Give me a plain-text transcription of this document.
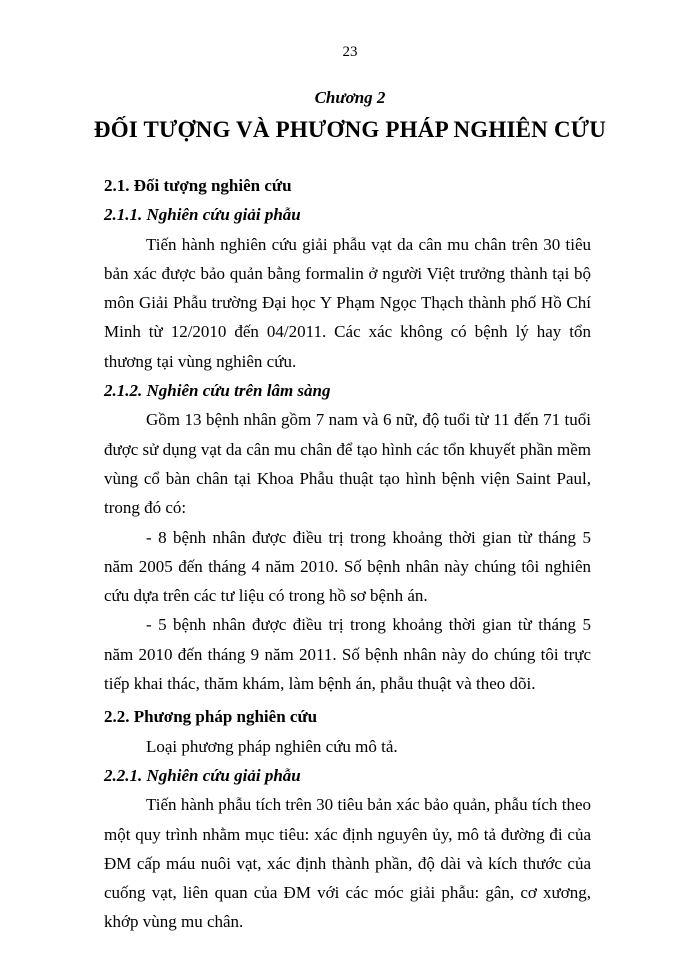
23
Chương 2
ĐỐI TƯỢNG VÀ PHƯƠNG PHÁP NGHIÊN CỨU

2.1. Đối tượng nghiên cứu

2.1.1. Nghiên cứu giải phẫu

Tiến hành nghiên cứu giải phẫu vạt da cân mu chân trên 30 tiêu bản xác được bảo quản bằng formalin ở người Việt trưởng thành tại bộ môn Giải Phẫu trường Đại học Y Phạm Ngọc Thạch thành phố Hồ Chí Minh từ 12/2010 đến 04/2011. Các xác không có bệnh lý hay tổn thương tại vùng nghiên cứu.

2.1.2. Nghiên cứu trên lâm sàng

Gồm 13 bệnh nhân gồm 7 nam và 6 nữ, độ tuổi từ 11 đến 71 tuổi được sử dụng vạt da cân mu chân để tạo hình các tổn khuyết phần mềm vùng cổ bàn chân tại Khoa Phẫu thuật tạo hình bệnh viện Saint Paul, trong đó có:

- 8 bệnh nhân được điều trị trong khoảng thời gian từ tháng 5 năm 2005 đến tháng 4 năm 2010. Số bệnh nhân này chúng tôi nghiên cứu dựa trên các tư liệu có trong hồ sơ bệnh án.

- 5 bệnh nhân được điều trị trong khoảng thời gian từ tháng 5 năm 2010 đến tháng 9 năm 2011. Số bệnh nhân này do chúng tôi trực tiếp khai thác, thăm khám, làm bệnh án, phẫu thuật và theo dõi.

2.2. Phương pháp nghiên cứu

Loại phương pháp nghiên cứu mô tả.

2.2.1. Nghiên cứu giải phẫu

Tiến hành phẫu tích trên 30 tiêu bản xác bảo quản, phẫu tích theo một quy trình nhằm mục tiêu: xác định nguyên ủy, mô tả đường đi của ĐM cấp máu nuôi vạt, xác định thành phần, độ dài và kích thước của cuống vạt, liên quan của ĐM với các móc giải phẫu: gân, cơ xương, khớp vùng mu chân.
